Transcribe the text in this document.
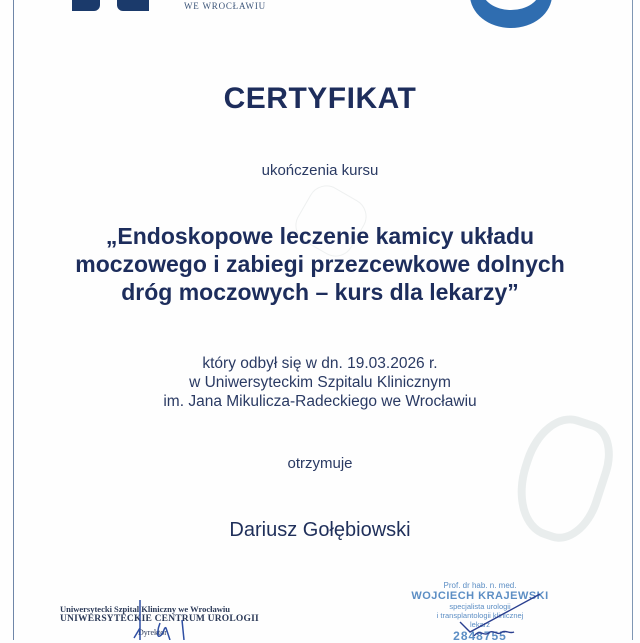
WE WROCŁAWIU
CERTYFIKAT
ukończenia kursu
„Endoskopowe leczenie kamicy układu
moczowego i zabiegi przezcewkowe dolnych
dróg moczowych – kurs dla lekarzy”
który odbył się w dn. 19.03.2026 r.
w Uniwersyteckim Szpitalu Klinicznym
im. Jana Mikulicza-Radeckiego we Wrocławiu
otrzymuje
Dariusz Gołębiowski
Uniwersytecki Szpital Kliniczny we Wrocławiu
UNIWERSYTECKIE CENTRUM UROLOGII
Dyrektor
Prof. dr hab. n. med.
WOJCIECH KRAJEWSKI
specjalista urologii
i transplantologii klinicznej
lekarz
2848755
